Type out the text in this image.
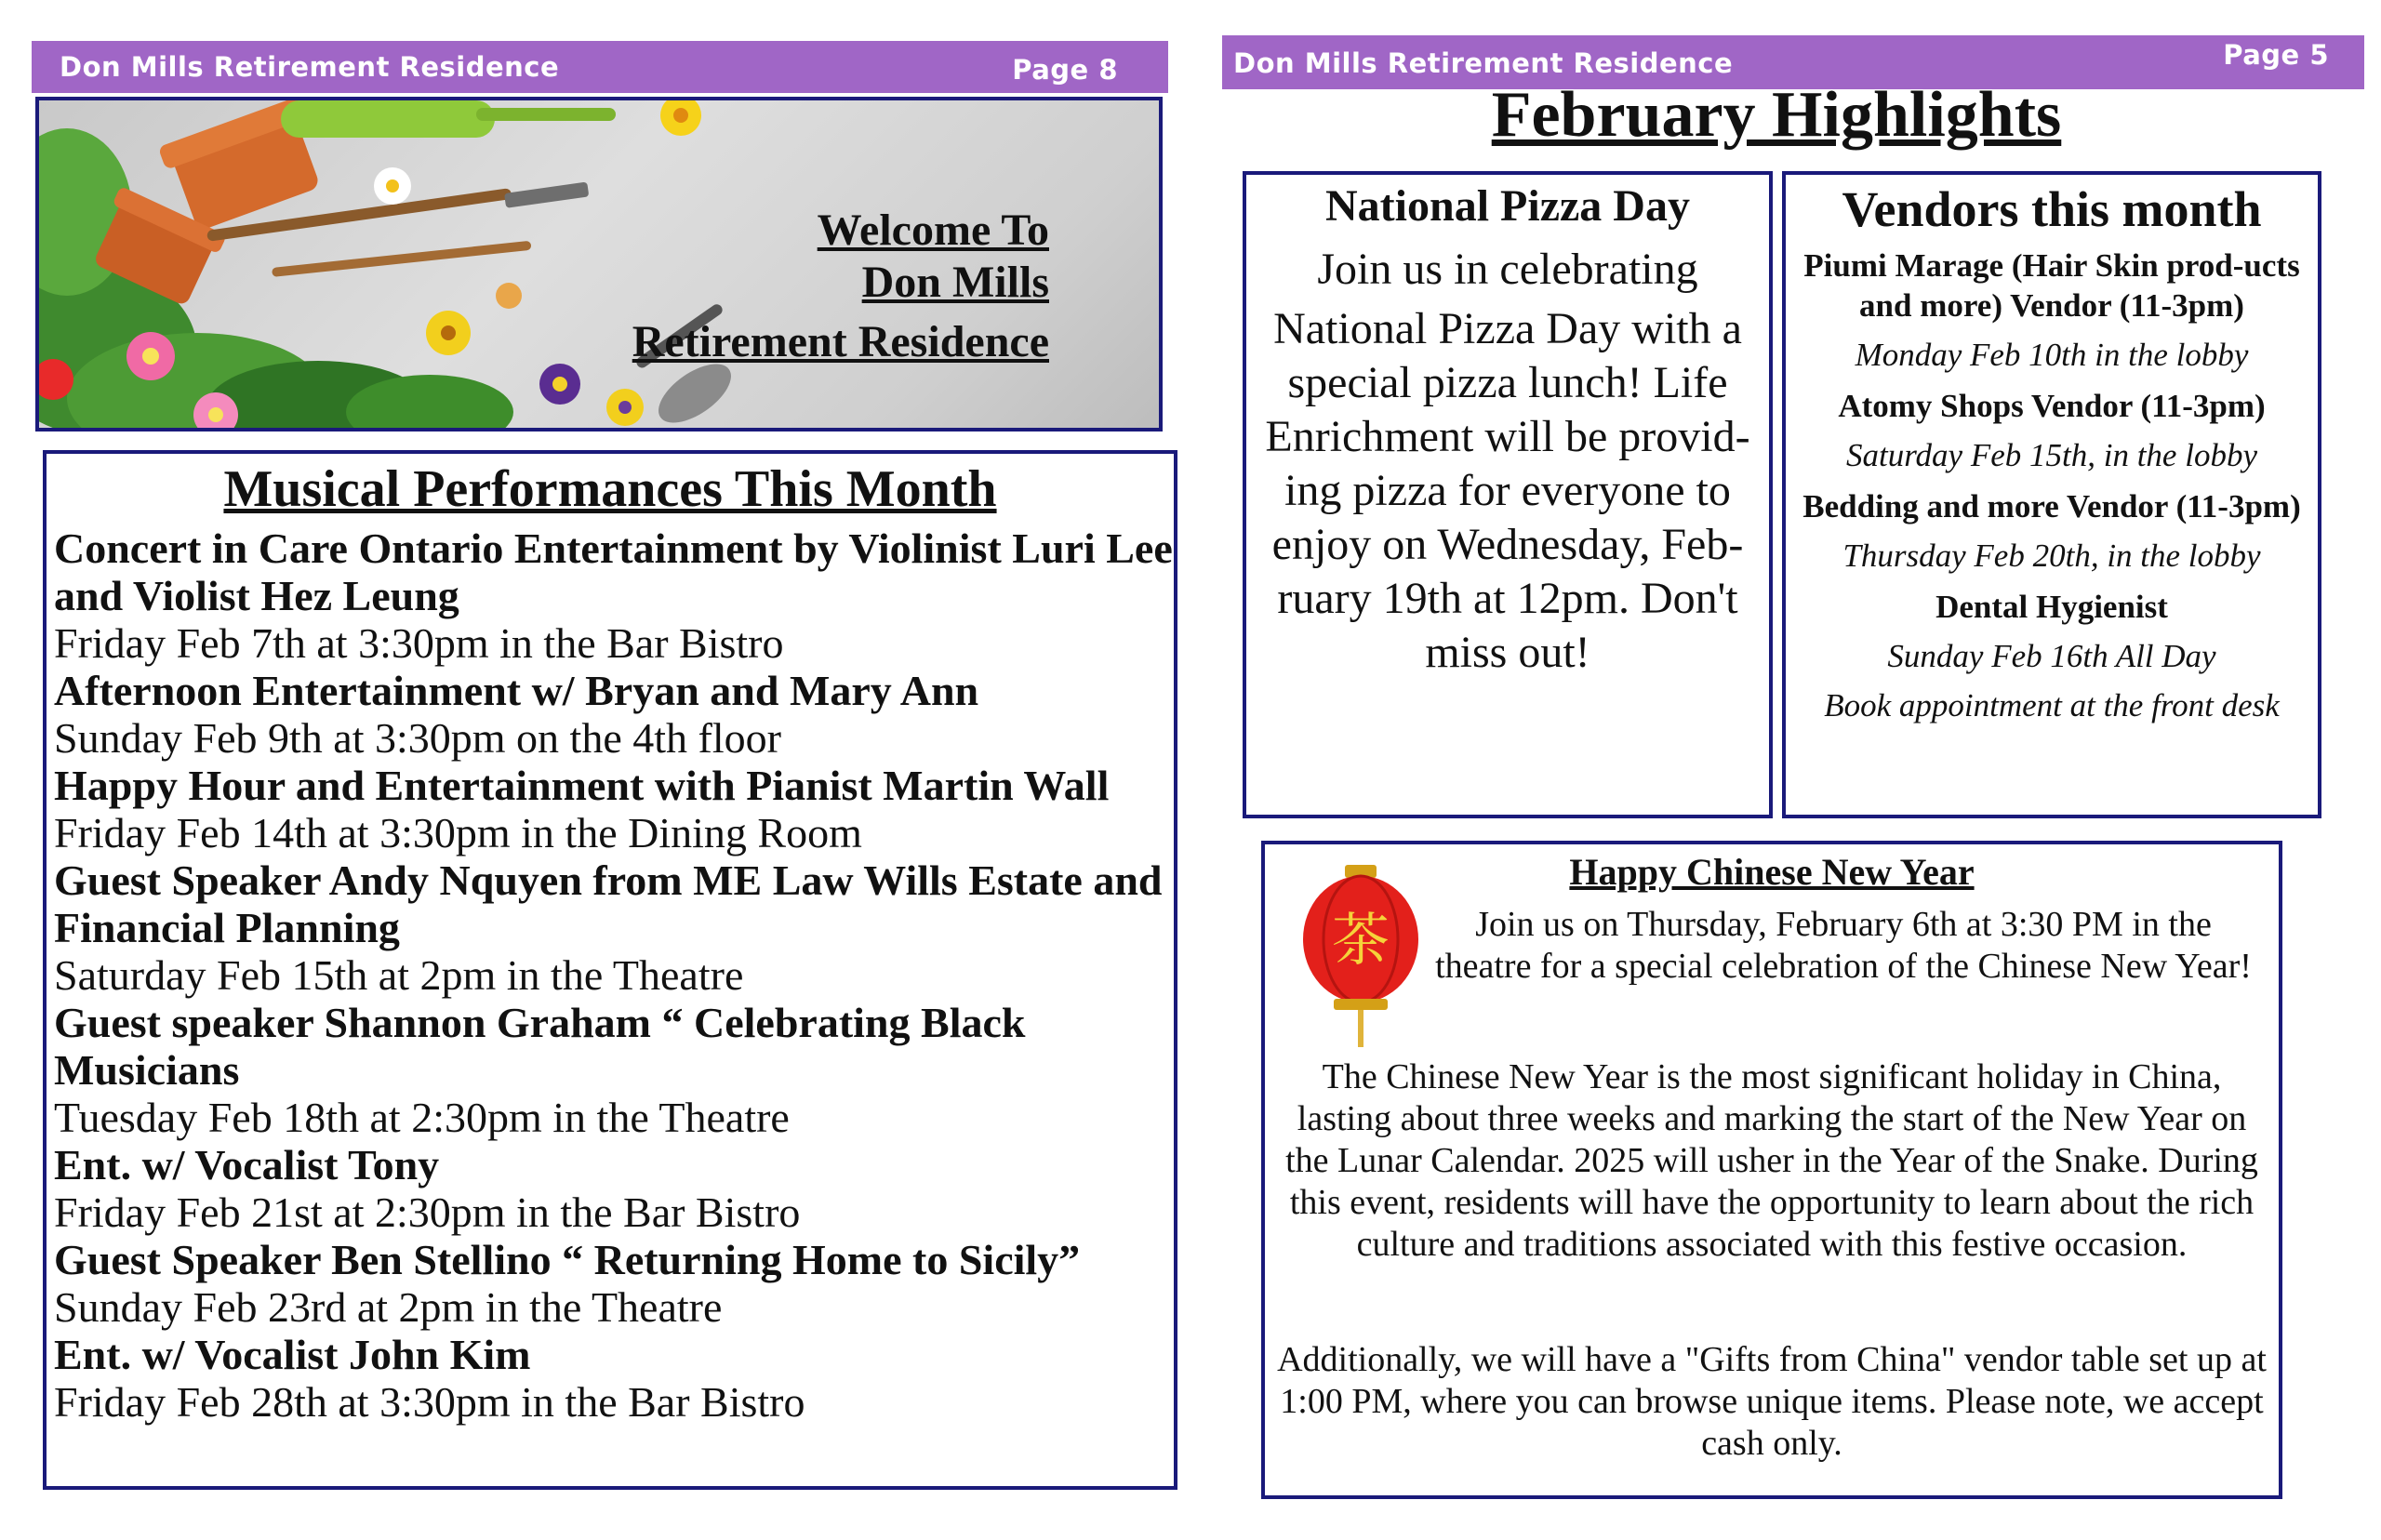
Don Mills Retirement Residence	Page 8
Welcome To
Don Mills
Retirement Residence
Musical Performances This Month
Concert in Care Ontario Entertainment by Violinist Luri Lee and Violist Hez Leung
Friday Feb 7th at 3:30pm in the Bar Bistro
Afternoon Entertainment w/ Bryan and Mary Ann
Sunday Feb 9th at 3:30pm on the 4th floor
Happy Hour and Entertainment with Pianist Martin Wall
Friday Feb 14th at 3:30pm in the Dining Room
Guest Speaker Andy Nquyen from ME Law Wills Estate and Financial Planning
Saturday Feb 15th at 2pm in the Theatre
Guest speaker Shannon Graham “ Celebrating Black Musicians
Tuesday Feb 18th at 2:30pm in the Theatre
Ent. w/ Vocalist Tony
Friday Feb 21st at 2:30pm in the Bar Bistro
Guest Speaker Ben Stellino “ Returning Home to Sicily”
Sunday Feb 23rd at 2pm in the Theatre
Ent. w/ Vocalist John Kim
Friday Feb 28th at 3:30pm in the Bar Bistro
Don Mills Retirement Residence	Page 5
February Highlights
National Pizza Day
Join us in celebrating
National Pizza Day with a special pizza lunch! Life Enrichment will be provid-ing pizza for everyone to enjoy on Wednesday, Feb-ruary 19th at 12pm. Don't miss out!
Vendors this month
Piumi Marage (Hair Skin prod-ucts and more) Vendor (11-3pm)
Monday Feb 10th in the lobby
Atomy Shops Vendor (11-3pm)
Saturday Feb 15th, in the lobby
Bedding and more Vendor (11-3pm)
Thursday Feb 20th, in the lobby
Dental Hygienist
Sunday Feb 16th All Day
Book appointment at the front desk
Happy Chinese New Year
茶	Join us on Thursday, February 6th at 3:30 PM in the theatre for a special celebration of the Chinese New Year!
The Chinese New Year is the most significant holiday in China, lasting about three weeks and marking the start of the New Year on the Lunar Calendar. 2025 will usher in the Year of the Snake. During this event, residents will have the opportunity to learn about the rich culture and traditions associated with this festive occasion.
Additionally, we will have a "Gifts from China" vendor table set up at 1:00 PM, where you can browse unique items. Please note, we accept cash only.
